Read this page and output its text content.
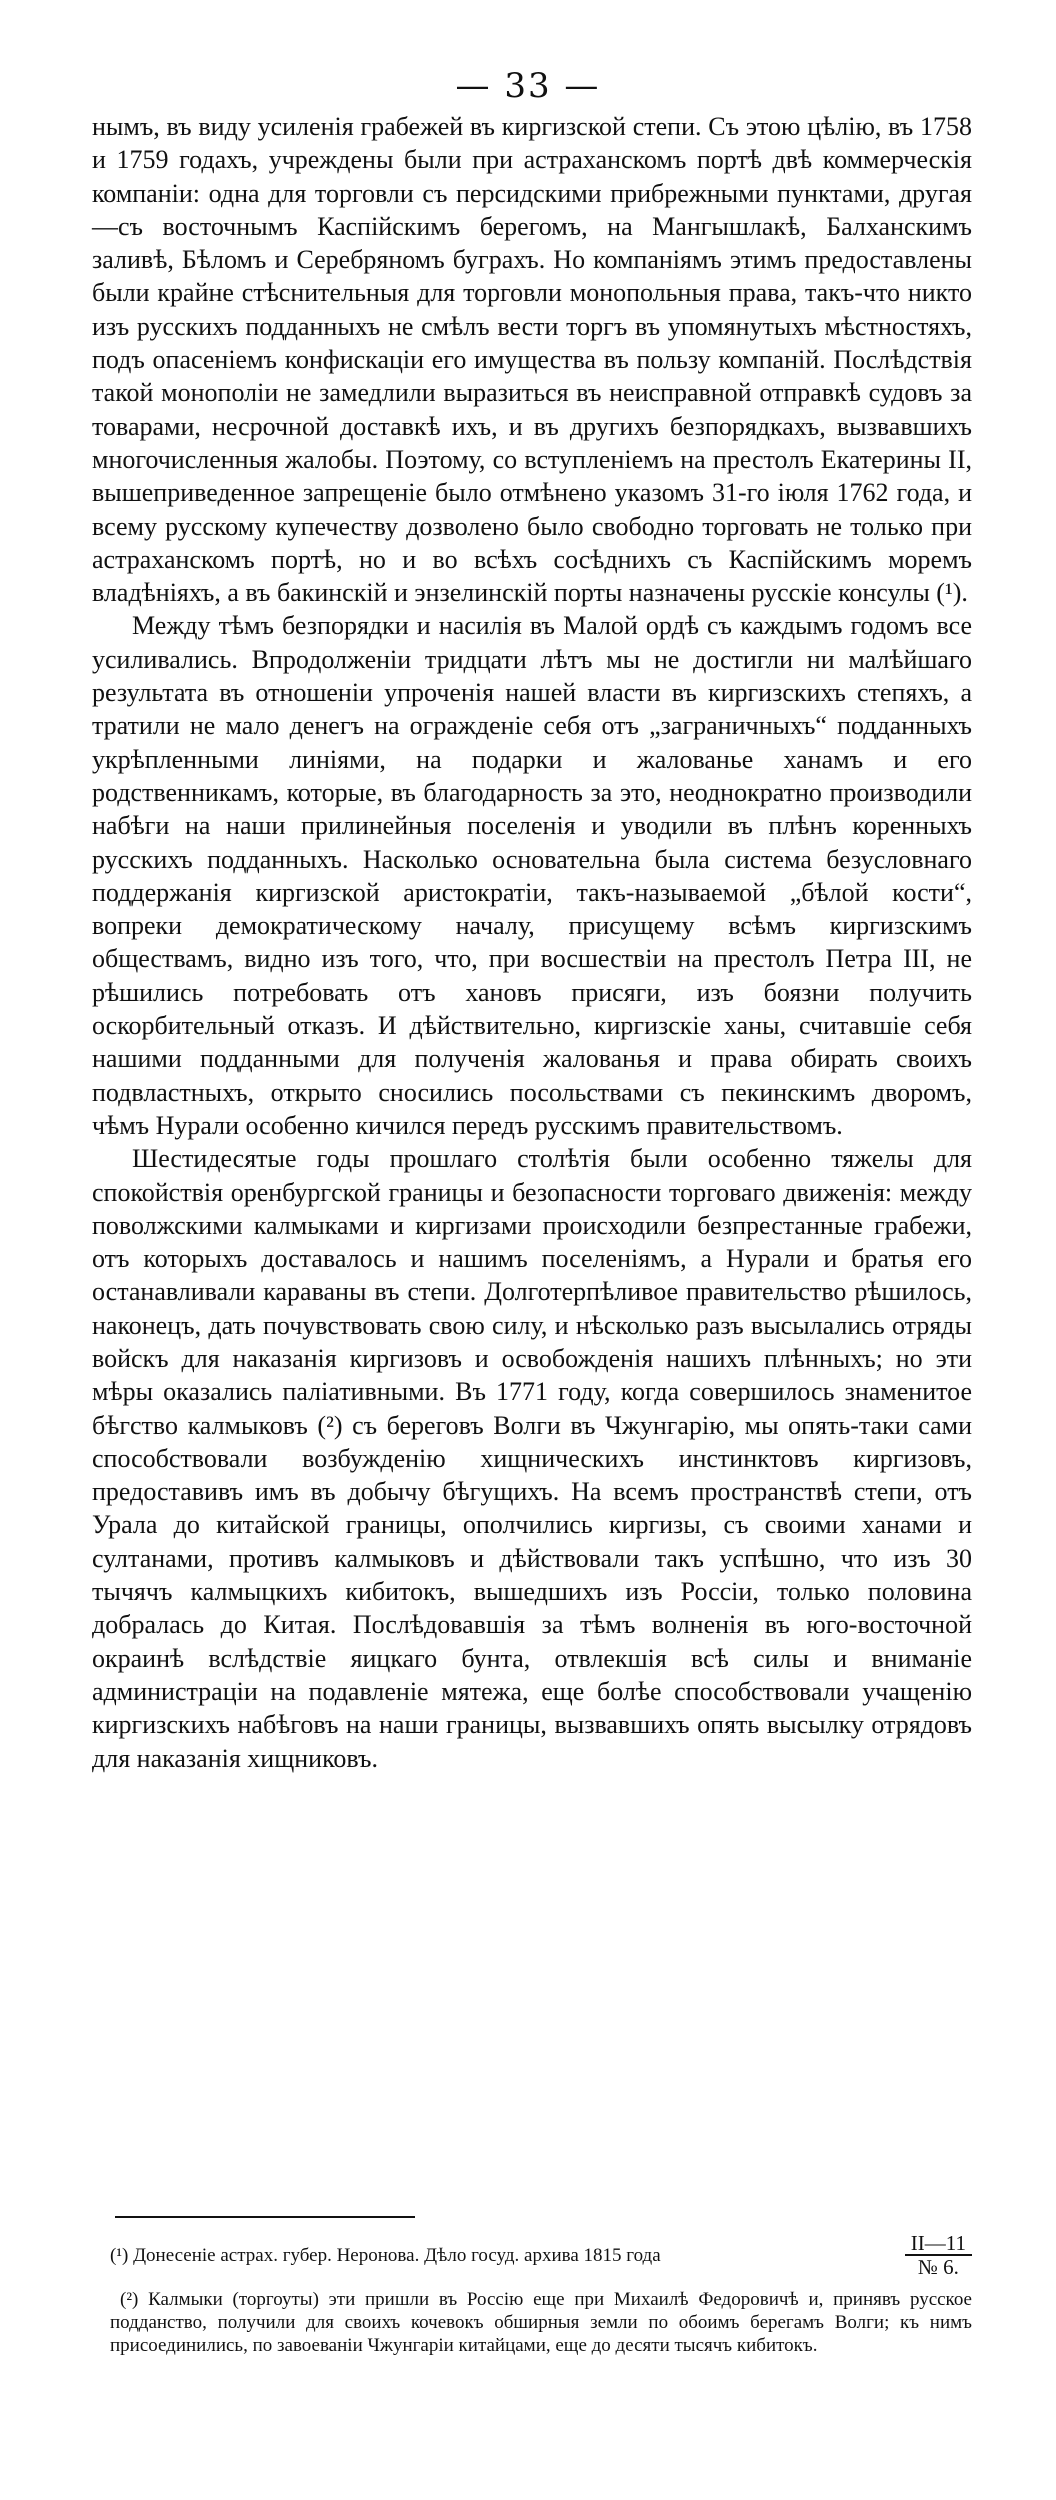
— 33 —

нымъ, въ виду усиленія грабежей въ киргизской степи. Съ этою цѣлію, въ 1758 и 1759 годахъ, учреждены были при астраханскомъ портѣ двѣ коммерческія компаніи: одна для торговли съ персидскими прибрежными пунктами, другая—съ восточнымъ Каспійскимъ берегомъ, на Мангышлакѣ, Балханскимъ заливѣ, Бѣломъ и Серебряномъ буграхъ. Но компаніямъ этимъ предоставлены были крайне стѣснительныя для торговли монопольныя права, такъ-что никто изъ русскихъ подданныхъ не смѣлъ вести торгъ въ упомянутыхъ мѣстностяхъ, подъ опасеніемъ конфискаціи его имущества въ пользу компаній. Послѣдствія такой монополіи не замедлили выразиться въ неисправной отправкѣ судовъ за товарами, несрочной доставкѣ ихъ, и въ другихъ безпорядкахъ, вызвавшихъ многочисленныя жалобы. Поэтому, со вступленіемъ на престолъ Екатерины II, вышеприведенное запрещеніе было отмѣнено указомъ 31-го іюля 1762 года, и всему русскому купечеству дозволено было свободно торговать не только при астраханскомъ портѣ, но и во всѣхъ сосѣднихъ съ Каспійскимъ моремъ владѣніяхъ, а въ бакинскій и энзелинскій порты назначены русскіе консулы (¹).

Между тѣмъ безпорядки и насилія въ Малой ордѣ съ каждымъ годомъ все усиливались. Впродолженіи тридцати лѣтъ мы не достигли ни малѣйшаго результата въ отношеніи упроченія нашей власти въ киргизскихъ степяхъ, а тратили не мало денегъ на огражденіе себя отъ „заграничныхъ“ подданныхъ укрѣпленными линіями, на подарки и жалованье ханамъ и его родственникамъ, которые, въ благодарность за это, неоднократно производили набѣги на наши прилинейныя поселенія и уводили въ плѣнъ коренныхъ русскихъ подданныхъ. Насколько основательна была система безусловнаго поддержанія киргизской аристократіи, такъ-называемой „бѣлой кости“, вопреки демократическому началу, присущему всѣмъ киргизскимъ обществамъ, видно изъ того, что, при восшествіи на престолъ Петра III, не рѣшились потребовать отъ хановъ присяги, изъ боязни получить оскорбительный отказъ. И дѣйствительно, киргизскіе ханы, считавшіе себя нашими подданными для полученія жалованья и права обирать своихъ подвластныхъ, открыто сносились посольствами съ пекинскимъ дворомъ, чѣмъ Нурали особенно кичился передъ русскимъ правительствомъ.

Шестидесятые годы прошлаго столѣтія были особенно тяжелы для спокойствія оренбургской границы и безопасности торговаго движенія: между поволжскими калмыками и киргизами происходили безпрестанные грабежи, отъ которыхъ доставалось и нашимъ поселеніямъ, а Нурали и братья его останавливали караваны въ степи. Долготерпѣливое правительство рѣшилось, наконецъ, дать почувствовать свою силу, и нѣсколько разъ высылались отряды войскъ для наказанія киргизовъ и освобожденія нашихъ плѣнныхъ; но эти мѣры оказались паліативными. Въ 1771 году, когда совершилось знаменитое бѣгство калмыковъ (²) съ береговъ Волги въ Чжунгарію, мы опять-таки сами способствовали возбужденію хищническихъ инстинктовъ киргизовъ, предоставивъ имъ въ добычу бѣгущихъ. На всемъ пространствѣ степи, отъ Урала до китайской границы, ополчились киргизы, съ своими ханами и султанами, противъ калмыковъ и дѣйствовали такъ успѣшно, что изъ 30 тычячъ калмыцкихъ кибитокъ, вышедшихъ изъ Россіи, только половина добралась до Китая. Послѣдовавшія за тѣмъ волненія въ юго-восточной окраинѣ вслѣдствіе яицкаго бунта, отвлекшія всѣ силы и вниманіе администраціи на подавленіе мятежа, еще болѣе способствовали учащенію киргизскихъ набѣговъ на наши границы, вызвавшихъ опять высылку отрядовъ для наказанія хищниковъ.

(¹) Донесеніе астрах. губер. Неронова. Дѣло госуд. архива 1815 года	$\frac{II—11}{№ 6.}$

(²) Калмыки (торгоуты) эти пришли въ Россію еще при Михаилѣ Федоровичѣ и, принявъ русское подданство, получили для своихъ кочевокъ обширныя земли по обоимъ берегамъ Волги; къ нимъ присоединились, по завоеваніи Чжунгаріи китайцами, еще до десяти тысячъ кибитокъ.
